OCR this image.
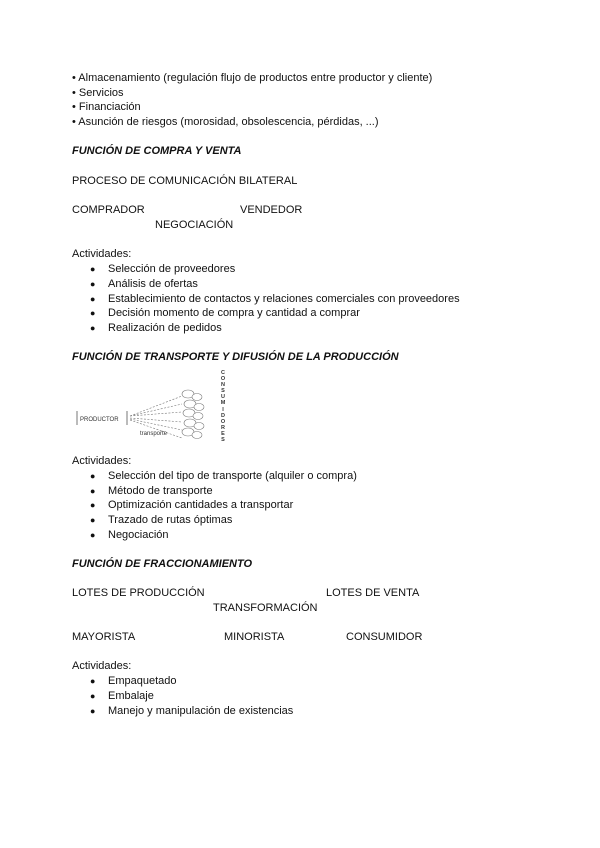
• Almacenamiento (regulación flujo de productos entre productor y cliente)
• Servicios
• Financiación
• Asunción de riesgos (morosidad, obsolescencia, pérdidas, ...)
FUNCIÓN DE COMPRA Y VENTA
PROCESO DE COMUNICACIÓN BILATERAL
COMPRADOR	VENDEDOR
NEGOCIACIÓN
Actividades:
● Selección de proveedores
● Análisis de ofertas
● Establecimiento de contactos y relaciones comerciales con proveedores
● Decisión momento de compra y cantidad a comprar
● Realización de pedidos
FUNCIÓN DE TRANSPORTE Y DIFUSIÓN DE LA PRODUCCIÓN
PRODUCTOR
transporte
C
O
N
S
U
M
I
D
O
R
E
S
Actividades:
● Selección del tipo de transporte (alquiler o compra)
● Método de transporte
● Optimización cantidades a transportar
● Trazado de rutas óptimas
● Negociación
FUNCIÓN DE FRACCIONAMIENTO
LOTES DE PRODUCCIÓN	LOTES DE VENTA
TRANSFORMACIÓN
MAYORISTA	MINORISTA	CONSUMIDOR
Actividades:
● Empaquetado
● Embalaje
● Manejo y manipulación de existencias
